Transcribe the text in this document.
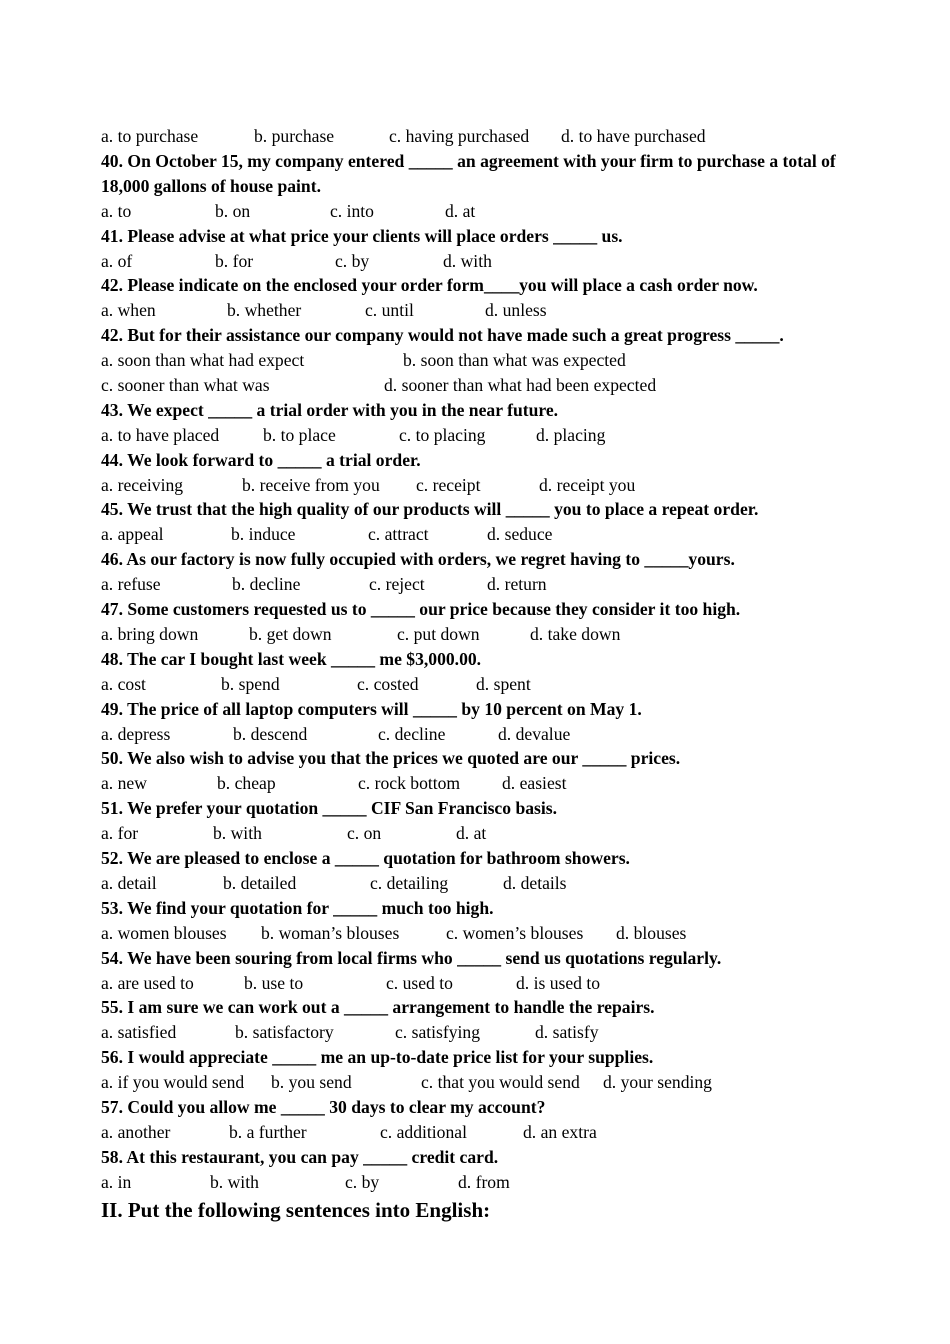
a. to purchase	b. purchase	c. having purchased d. to have purchased
40. On October 15, my company entered _____ an agreement with your firm to purchase a total of 18,000 gallons of house paint.
a. to	b. on	c. into	d. at
41. Please advise at what price your clients will place orders _____ us.
a. of	b. for	c. by	d. with
42. Please indicate on the enclosed your order form____you will place a cash order now.
a. when	b. whether	c. until	d. unless
42. But for their assistance our company would not have made such a great progress _____.
a. soon than what had expect	b. soon than what was expected
c. sooner than what was	d. sooner than what had been expected
43. We expect _____ a trial order with you in the near future.
a. to have placed b. to place	c. to placing	d. placing
44. We look forward to _____ a trial order.
a. receiving	b. receive from you c. receipt	d. receipt you
45. We trust that the high quality of our products will _____ you to place a repeat order.
a. appeal	b. induce	c. attract	d. seduce
46. As our factory is now fully occupied with orders, we regret having to _____yours.
a. refuse	b. decline	c. reject	d. return
47. Some customers requested us to _____ our price because they consider it too high.
a. bring down	b. get down	c. put down	d. take down
48. The car I bought last week _____ me $3,000.00.
a. cost	b. spend	c. costed	d. spent
49. The price of all laptop computers will _____ by 10 percent on May 1.
a. depress	b. descend	c. decline	d. devalue
50. We also wish to advise you that the prices we quoted are our _____ prices.
a. new	b. cheap	c. rock bottom d. easiest
51. We prefer your quotation _____ CIF San Francisco basis.
a. for	b. with	c. on	d. at
52. We are pleased to enclose a _____ quotation for bathroom showers.
a. detail	b. detailed	c. detailing	d. details
53. We find your quotation for _____ much too high.
a. women blouses b. woman’s blouses	c. women’s blouses d. blouses
54. We have been souring from local firms who _____ send us quotations regularly.
a. are used to	b. use to	c. used to	d. is used to
55. I am sure we can work out a _____ arrangement to handle the repairs.
a. satisfied	b. satisfactory	c. satisfying	d. satisfy
56. I would appreciate _____ me an up-to-date price list for your supplies.
a. if you would send b. you send	c. that you would send d. your sending
57. Could you allow me _____ 30 days to clear my account?
a. another	b. a further	c. additional	d. an extra
58. At this restaurant, you can pay _____ credit card.
a. in	b. with	c. by	d. from
II. Put the following sentences into English:
